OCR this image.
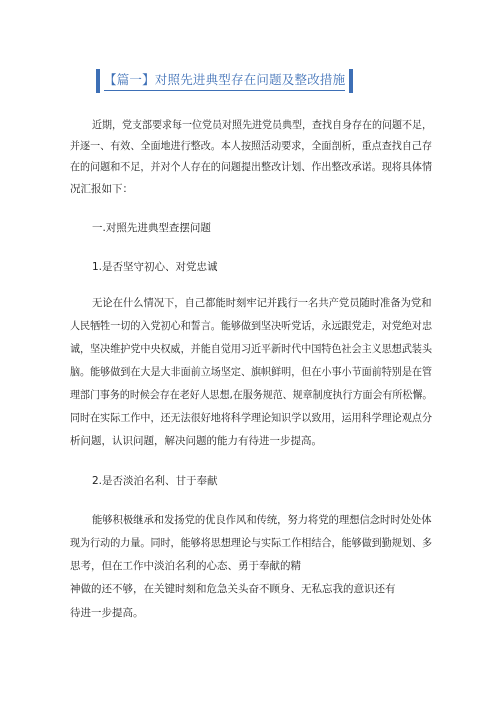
【篇一】对照先进典型存在问题及整改措施
近期，党支部要求每一位党员对照先进党员典型，查找自身存在的问题不足，
并逐一、有效、全面地进行整改。本人按照活动要求，全面剖析，重点查找自己存
在的问题和不足，并对个人存在的问题提出整改计划、作出整改承诺。现将具体情
况汇报如下：
一.对照先进典型查摆问题
1.是否坚守初心、对党忠诚
无论在什么情况下，自己都能时刻牢记并践行一名共产党员随时准备为党和
人民牺牲一切的入党初心和誓言。能够做到坚决听党话，永远跟党走，对党绝对忠
诚，坚决维护党中央权威，并能自觉用习近平新时代中国特色社会主义思想武装头
脑。能够做到在大是大非面前立场坚定、旗帜鲜明，但在小事小节面前特别是在管
理部门事务的时候会存在老好人思想,在服务规范、规章制度执行方面会有所松懈。
同时在实际工作中，还无法很好地将科学理论知识学以致用，运用科学理论观点分
析问题，认识问题，解决问题的能力有待进一步提高。
2.是否淡泊名利、甘于奉献
能够积极继承和发扬党的优良作风和传统，努力将党的理想信念时时处处体
现为行动的力量。同时，能够将思想理论与实际工作相结合，能够做到勤规划、多
思考，但在工作中淡泊名利的心态、勇于奉献的精
神做的还不够，在关键时刻和危急关头奋不顾身、无私忘我的意识还有
待进一步提高。
